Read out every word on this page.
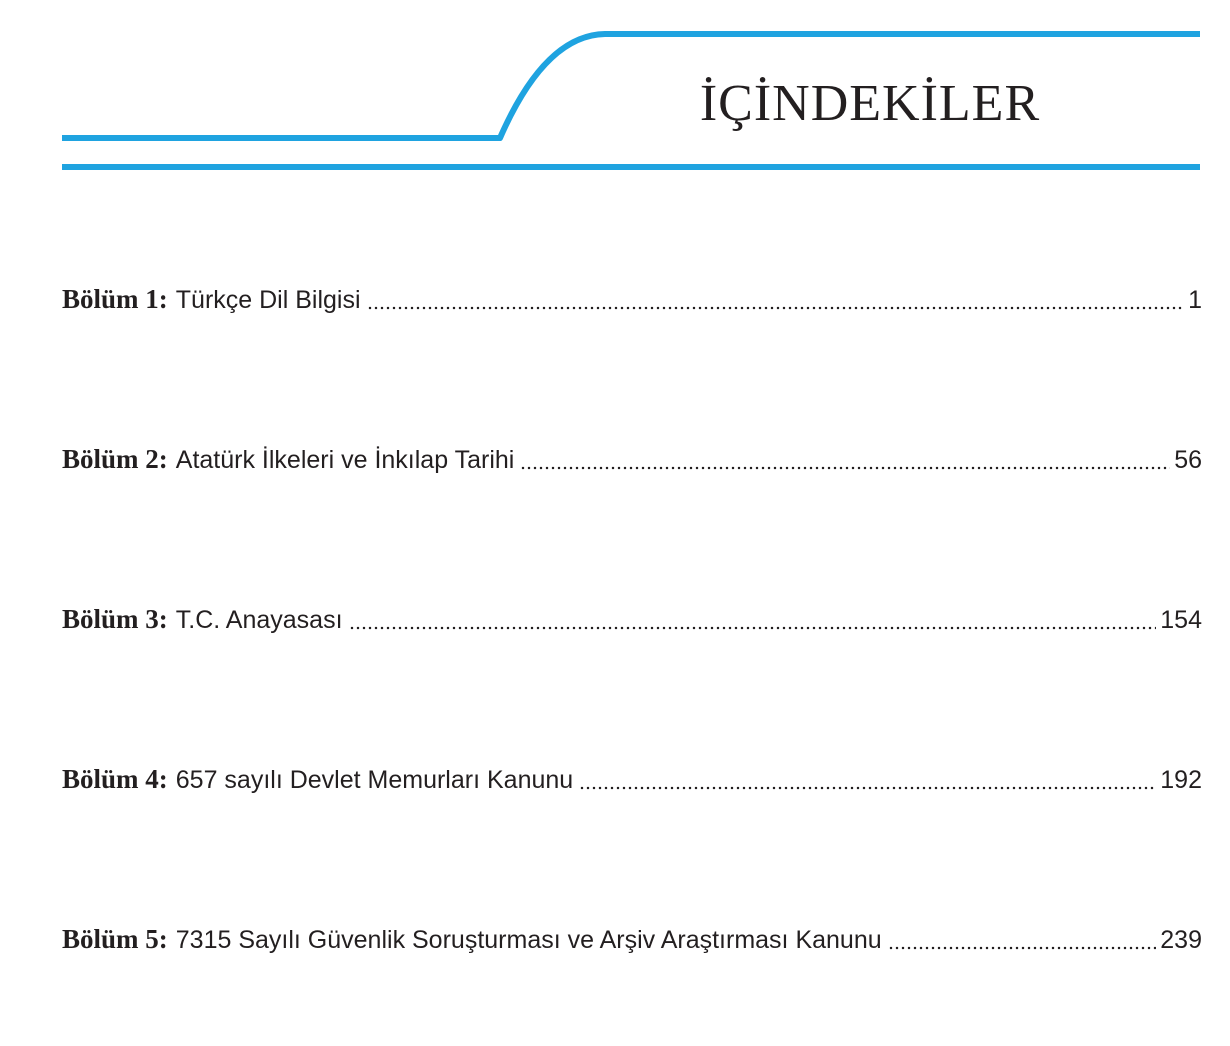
İÇİNDEKİLER
Bölüm 1: Türkçe Dil Bilgisi	1
Bölüm 2: Atatürk İlkeleri ve İnkılap Tarihi	56
Bölüm 3: T.C. Anayasası	154
Bölüm 4: 657 sayılı Devlet Memurları Kanunu	192
Bölüm 5: 7315 Sayılı Güvenlik Soruşturması ve Arşiv Araştırması Kanunu	239
